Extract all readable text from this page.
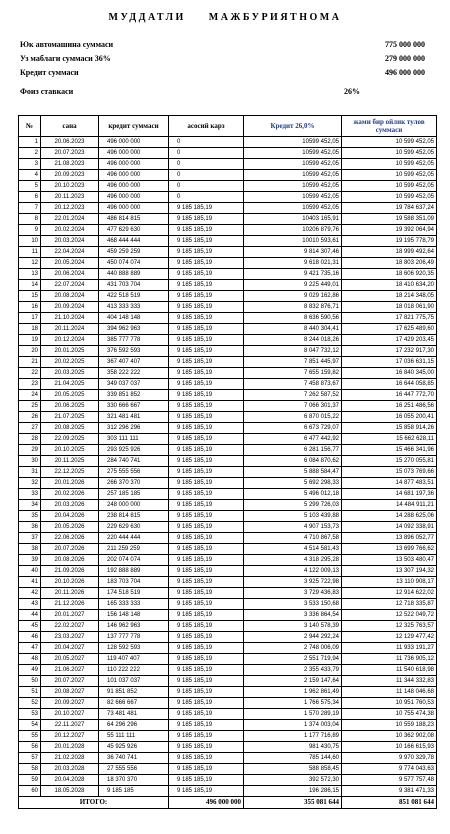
МУДДАТЛИ МАЖБУРИЯТНОМА
Юк автомашина суммаси	775 000 000
Уз маблаги суммаси 36%	279 000 000
Кредит суммаси	496 000 000
Фоиз ставкаси	26%
№	сана	кредит суммаси	асосий карз	Кредит 26,0%	жами бир ойлик тулов суммаси
1	20.06.2023	496 000 000	0	10599 452,05	10 599 452,05
2	20.07.2023	496 000 000	0	10599 452,05	10 599 452,05
3	21.08.2023	496 000 000	0	10599 452,05	10 599 452,05
4	20.09.2023	496 000 000	0	10599 452,05	10 599 452,05
5	20.10.2023	496 000 000	0	10599 452,05	10 599 452,05
6	20.11.2023	496 000 000	0	10599 452,05	10 599 452,05
7	20.12.2023	496 000 000	9 185 185,19	10599 452,05	19 784 637,24
8	22.01.2024	486 814 815	9 185 185,19	10403 165,91	19 588 351,09
9	20.02.2024	477 629 630	9 185 185,19	10206 879,76	19 392 064,94
10	20.03.2024	468 444 444	9 185 185,19	10010 593,61	19 195 778,79
11	22.04.2024	459 259 259	9 185 185,19	9 814 307,46	18 999 492,64
12	20.05.2024	450 074 074	9 185 185,19	9 618 021,31	18 803 206,49
13	20.06.2024	440 888 889	9 185 185,19	9 421 735,16	18 606 920,35
14	22.07.2024	431 703 704	9 185 185,19	9 225 449,01	18 410 634,20
15	20.08.2024	422 518 519	9 185 185,19	9 029 162,86	18 214 348,05
16	20.09.2024	413 333 333	9 185 185,19	8 832 876,71	18 018 061,90
17	21.10.2024	404 148 148	9 185 185,19	8 636 590,56	17 821 775,75
18	20.11.2024	394 962 963	9 185 185,19	8 440 304,41	17 625 489,60
19	20.12.2024	385 777 778	9 185 185,19	8 244 018,26	17 429 203,45
20	20.01.2025	376 592 593	9 185 185,19	8 047 732,12	17 232 917,30
21	20.02.2025	367 407 407	9 185 185,19	7 851 445,97	17 036 631,15
22	20.03.2025	358 222 222	9 185 185,19	7 655 159,82	16 840 345,00
23	21.04.2025	349 037 037	9 185 185,19	7 458 873,67	16 644 058,85
24	20.05.2025	339 851 852	9 185 185,19	7 262 587,52	16 447 772,70
25	20.06.2025	330 666 667	9 185 185,19	7 066 301,37	16 251 486,56
26	21.07.2025	321 481 481	9 185 185,19	6 870 015,22	16 055 200,41
27	20.08.2025	312 296 296	9 185 185,19	6 673 729,07	15 858 914,26
28	22.09.2025	303 111 111	9 185 185,19	6 477 442,92	15 662 628,11
29	20.10.2025	293 925 926	9 185 185,19	6 281 156,77	15 466 341,96
30	20.11.2025	284 740 741	9 185 185,19	6 084 870,62	15 270 055,81
31	22.12.2025	275 555 556	9 185 185,19	5 888 584,47	15 073 769,66
32	20.01.2026	266 370 370	9 185 185,19	5 692 298,33	14 877 483,51
33	20.02.2026	257 185 185	9 185 185,19	5 496 012,18	14 681 197,36
34	20.03.2026	248 000 000	9 185 185,19	5 299 726,03	14 484 911,21
35	20.04.2026	238 814 815	9 185 185,19	5 103 439,88	14 288 625,06
36	20.05.2026	229 629 630	9 185 185,19	4 907 153,73	14 092 338,91
37	22.06.2026	220 444 444	9 185 185,19	4 710 867,58	13 896 052,77
38	20.07.2026	211 259 259	9 185 185,19	4 514 581,43	13 699 766,62
39	20.08.2026	202 074 074	9 185 185,19	4 318 295,28	13 503 480,47
40	21.09.2026	192 888 889	9 185 185,19	4 122 009,13	13 307 194,32
41	20.10.2026	183 703 704	9 185 185,19	3 925 722,98	13 110 908,17
42	20.11.2026	174 518 519	9 185 185,19	3 729 436,83	12 914 622,02
43	21.12.2026	165 333 333	9 185 185,19	3 533 150,68	12 718 335,87
44	20.01.2027	156 148 148	9 185 185,19	3 336 864,54	12 522 049,72
45	22.02.2027	146 962 963	9 185 185,19	3 140 578,39	12 325 763,57
46	23.03.2027	137 777 778	9 185 185,19	2 944 292,24	12 129 477,42
47	20.04.2027	128 592 593	9 185 185,19	2 748 006,09	11 933 191,27
48	20.05.2027	119 407 407	9 185 185,19	2 551 719,94	11 736 905,12
49	21.06.2027	110 222 222	9 185 185,19	2 355 433,79	11 540 618,98
50	20.07.2027	101 037 037	9 185 185,19	2 159 147,64	11 344 332,83
51	20.08.2027	91 851 852	9 185 185,19	1 962 861,49	11 148 046,68
52	20.09.2027	82 666 667	9 185 185,19	1 766 575,34	10 951 760,53
53	20.10.2027	73 481 481	9 185 185,19	1 570 289,19	10 755 474,38
54	22.11.2027	64 296 296	9 185 185,19	1 374 003,04	10 559 188,23
55	20.12.2027	55 111 111	9 185 185,19	1 177 716,89	10 362 902,08
56	20.01.2028	45 925 926	9 185 185,19	981 430,75	10 166 615,93
57	21.02.2028	36 740 741	9 185 185,19	785 144,60	9 970 329,78
58	20.03.2028	27 555 556	9 185 185,19	588 858,45	9 774 043,63
59	20.04.2028	18 370 370	9 185 185,19	392 572,30	9 577 757,48
60	18.05.2028	9 185 185	9 185 185,19	196 286,15	9 381 471,33
ИТОГО:			496 000 000	355 081 644	851 081 644
